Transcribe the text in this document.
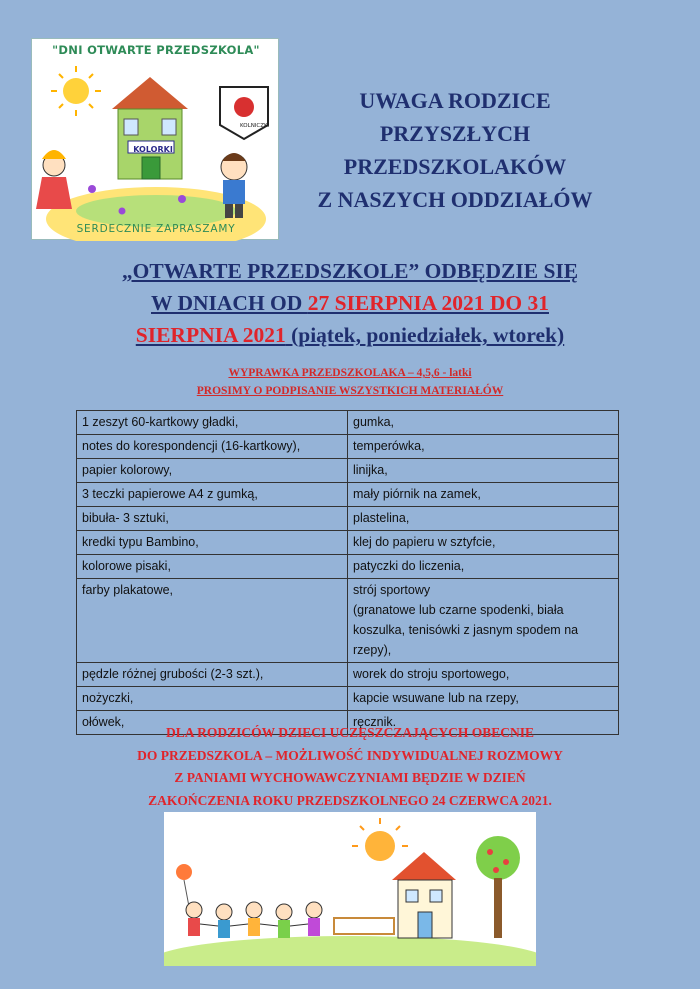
"DNI OTWARTE PRZEDSZKOLA"
KOLORKI
KOLNICZKI
SERDECZNIE ZAPRASZAMY
UWAGA RODZICE
PRZYSZŁYCH
PRZEDSZKOLAKÓW
Z NASZYCH ODDZIAŁÓW
„OTWARTE PRZEDSZKOLE” ODBĘDZIE SIĘ
W DNIACH OD 27 SIERPNIA 2021 DO 31
SIERPNIA 2021 (piątek, poniedziałek, wtorek)
WYPRAWKA PRZEDSZKOLAKA – 4,5,6 - latki
PROSIMY O PODPISANIE WSZYSTKICH MATERIAŁÓW
1 zeszyt 60-kartkowy gładki,	gumka,
notes do korespondencji (16-kartkowy),	temperówka,
papier kolorowy,	linijka,
3 teczki papierowe A4 z gumką,	mały piórnik na zamek,
bibuła- 3 sztuki,	plastelina,
kredki typu Bambino,	klej do papieru w sztyfcie,
kolorowe pisaki,	patyczki do liczenia,
farby plakatowe,	strój sportowy
(granatowe lub czarne spodenki, biała koszulka, tenisówki z jasnym spodem na rzepy),
pędzle różnej grubości (2-3 szt.),	worek do stroju sportowego,
nożyczki,	kapcie wsuwane lub na rzepy,
ołówek,	ręcznik.
DLA RODZICÓW DZIECI UCZĘSZCZAJĄCYCH OBECNIE
DO PRZEDSZKOLA – MOŻLIWOŚĆ INDYWIDUALNEJ ROZMOWY
Z PANIAMI WYCHOWAWCZYNIAMI BĘDZIE W DZIEŃ
ZAKOŃCZENIA ROKU PRZEDSZKOLNEGO 24 CZERWCA 2021.
